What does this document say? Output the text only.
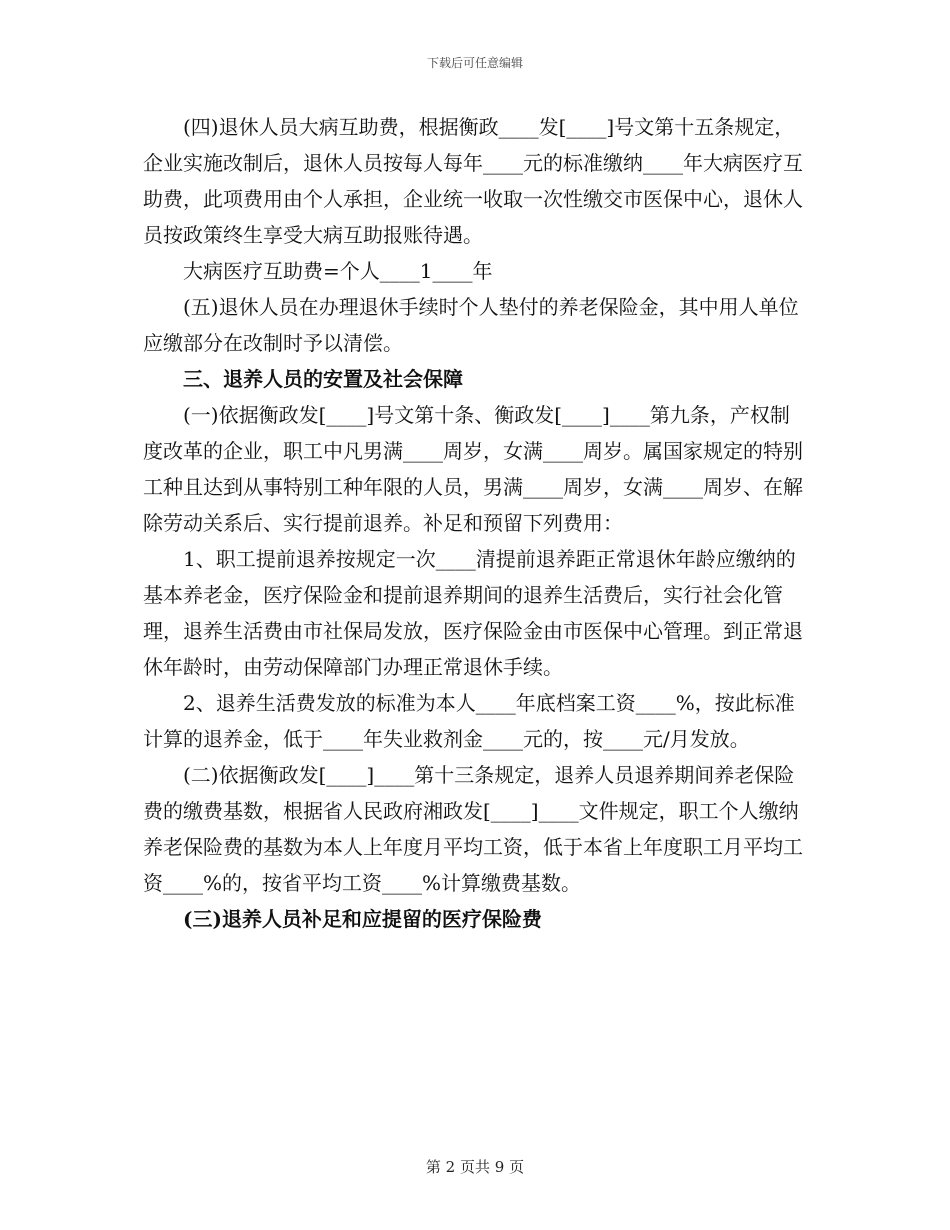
下载后可任意编辑

(四)退休人员大病互助费，根据衡政____发[____]号文第十五条规定，企业实施改制后，退休人员按每人每年____元的标准缴纳____年大病医疗互助费，此项费用由个人承担，企业统一收取一次性缴交市医保中心，退休人员按政策终生享受大病互助报账待遇。

大病医疗互助费=个人____1____年

(五)退休人员在办理退休手续时个人垫付的养老保险金，其中用人单位应缴部分在改制时予以清偿。

三、退养人员的安置及社会保障

(一)依据衡政发[____]号文第十条、衡政发[____]____第九条，产权制度改革的企业，职工中凡男满____周岁，女满____周岁。属国家规定的特别工种且达到从事特别工种年限的人员，男满____周岁，女满____周岁、在解除劳动关系后、实行提前退养。补足和预留下列费用：

1、职工提前退养按规定一次____清提前退养距正常退休年龄应缴纳的基本养老金，医疗保险金和提前退养期间的退养生活费后，实行社会化管理，退养生活费由市社保局发放，医疗保险金由市医保中心管理。到正常退休年龄时，由劳动保障部门办理正常退休手续。

2、退养生活费发放的标准为本人____年底档案工资____%，按此标准计算的退养金，低于____年失业救剂金____元的，按____元/月发放。

(二)依据衡政发[____]____第十三条规定，退养人员退养期间养老保险费的缴费基数，根据省人民政府湘政发[____]____文件规定，职工个人缴纳养老保险费的基数为本人上年度月平均工资，低于本省上年度职工月平均工资____%的，按省平均工资____%计算缴费基数。

(三)退养人员补足和应提留的医疗保险费

第 2 页共 9 页
